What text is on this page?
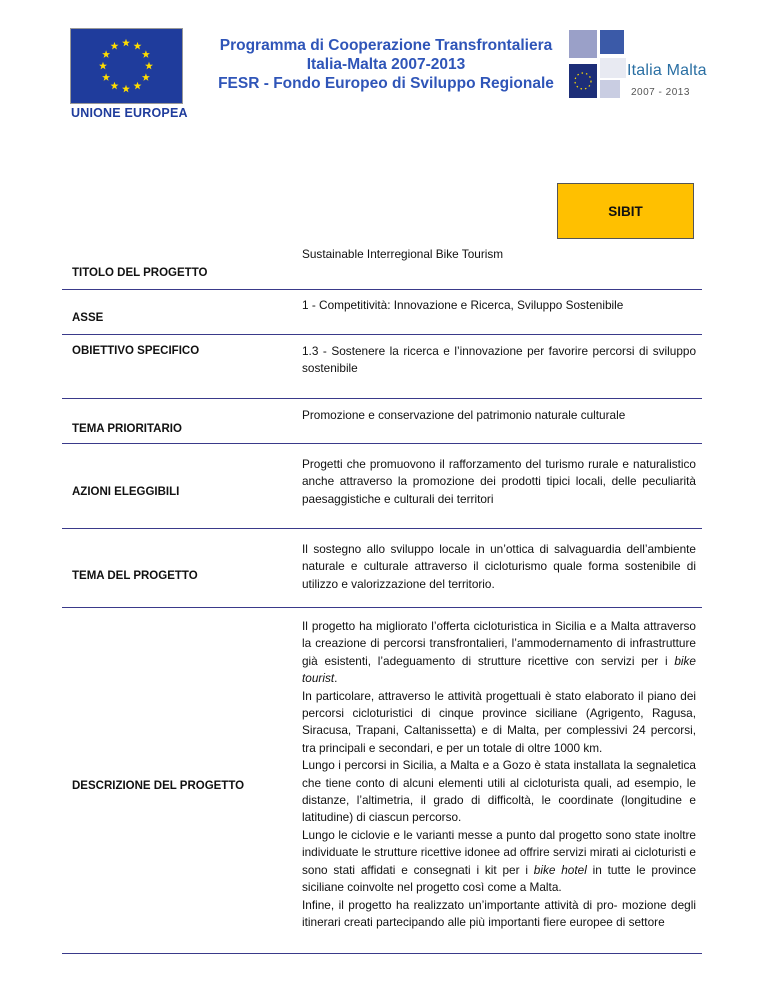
UNIONE EUROPEA
Programma di Cooperazione Transfrontaliera
Italia-Malta 2007-2013
FESR - Fondo Europeo di Sviluppo Regionale
Italia Malta
2007 - 2013
SIBIT
TITOLO DEL PROGETTO
Sustainable Interregional Bike Tourism
ASSE
1 - Competitività: Innovazione e Ricerca, Sviluppo Sostenibile
OBIETTIVO SPECIFICO	1.3 - Sostenere la ricerca e l’innovazione per favorire percorsi di sviluppo sostenibile
TEMA PRIORITARIO
Promozione e conservazione del patrimonio naturale culturale
AZIONI ELEGGIBILI
Progetti che promuovono il rafforzamento del turismo rurale e naturalistico anche attraverso la promozione dei prodotti tipici locali, delle peculiarità paesaggistiche e culturali dei territori
TEMA DEL PROGETTO
Il sostegno allo sviluppo locale in un’ottica di salvaguardia dell’ambiente naturale e culturale attraverso il cicloturismo quale forma sostenibile di utilizzo e valorizzazione del territorio.
DESCRIZIONE DEL PROGETTO

Il progetto ha migliorato l’offerta cicloturistica in Sicilia e a Malta attraverso la creazione di percorsi transfrontalieri, l’ammodernamento di infrastrutture già esistenti, l’adeguamento di strutture ricettive con servizi per i bike tourist.

In particolare, attraverso le attività progettuali è stato elaborato il piano dei percorsi cicloturistici di cinque province siciliane (Agrigento, Ragusa, Siracusa, Trapani, Caltanissetta) e di Malta, per complessivi 24 percorsi, tra principali e secondari, e per un totale di oltre 1000 km.

Lungo i percorsi in Sicilia, a Malta e a Gozo è stata installata la segnaletica che tiene conto di alcuni elementi utili al cicloturista quali, ad esempio, le distanze, l’altimetria, il grado di difficoltà, le coordinate (longitudine e latitudine) di ciascun percorso.

Lungo le ciclovie e le varianti messe a punto dal progetto sono state inoltre individuate le strutture ricettive idonee ad offrire servizi mirati ai cicloturisti e sono stati affidati e consegnati i kit per i bike hotel in tutte le province siciliane coinvolte nel progetto così come a Malta.

Infine, il progetto ha realizzato un’importante attività di pro- mozione degli itinerari creati partecipando alle più importanti fiere europee di settore
